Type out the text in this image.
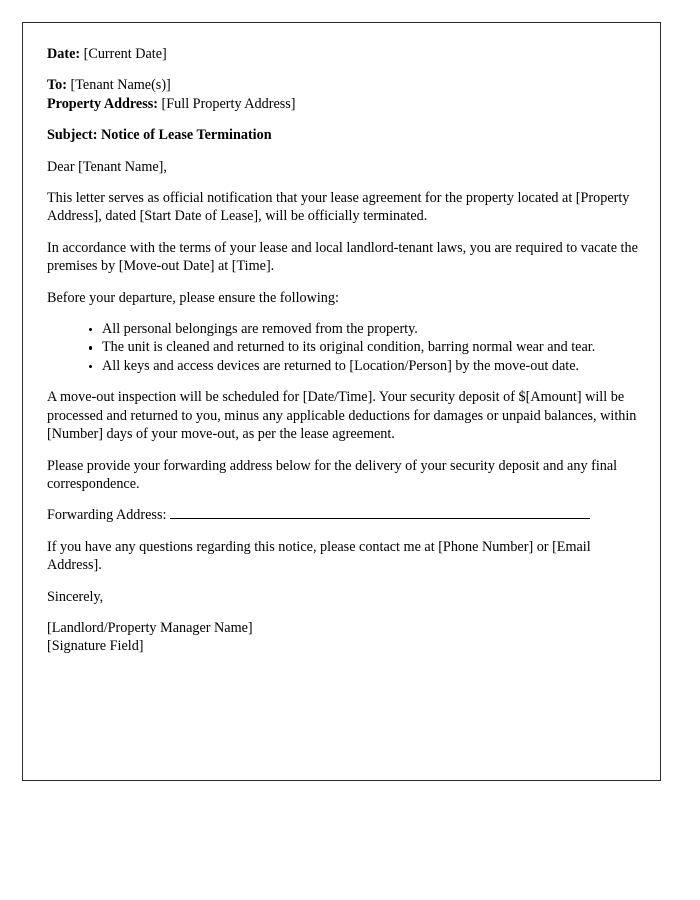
Date: [Current Date]
To: [Tenant Name(s)]
Property Address: [Full Property Address]
Subject: Notice of Lease Termination
Dear [Tenant Name],
This letter serves as official notification that your lease agreement for the property located at [Property Address], dated [Start Date of Lease], will be officially terminated.
In accordance with the terms of your lease and local landlord-tenant laws, you are required to vacate the premises by [Move-out Date] at [Time].
Before your departure, please ensure the following:
All personal belongings are removed from the property.
The unit is cleaned and returned to its original condition, barring normal wear and tear.
All keys and access devices are returned to [Location/Person] by the move-out date.
A move-out inspection will be scheduled for [Date/Time]. Your security deposit of $[Amount] will be processed and returned to you, minus any applicable deductions for damages or unpaid balances, within [Number] days of your move-out, as per the lease agreement.
Please provide your forwarding address below for the delivery of your security deposit and any final correspondence.
Forwarding Address:
If you have any questions regarding this notice, please contact me at [Phone Number] or [Email Address].
Sincerely,
[Landlord/Property Manager Name]
[Signature Field]
